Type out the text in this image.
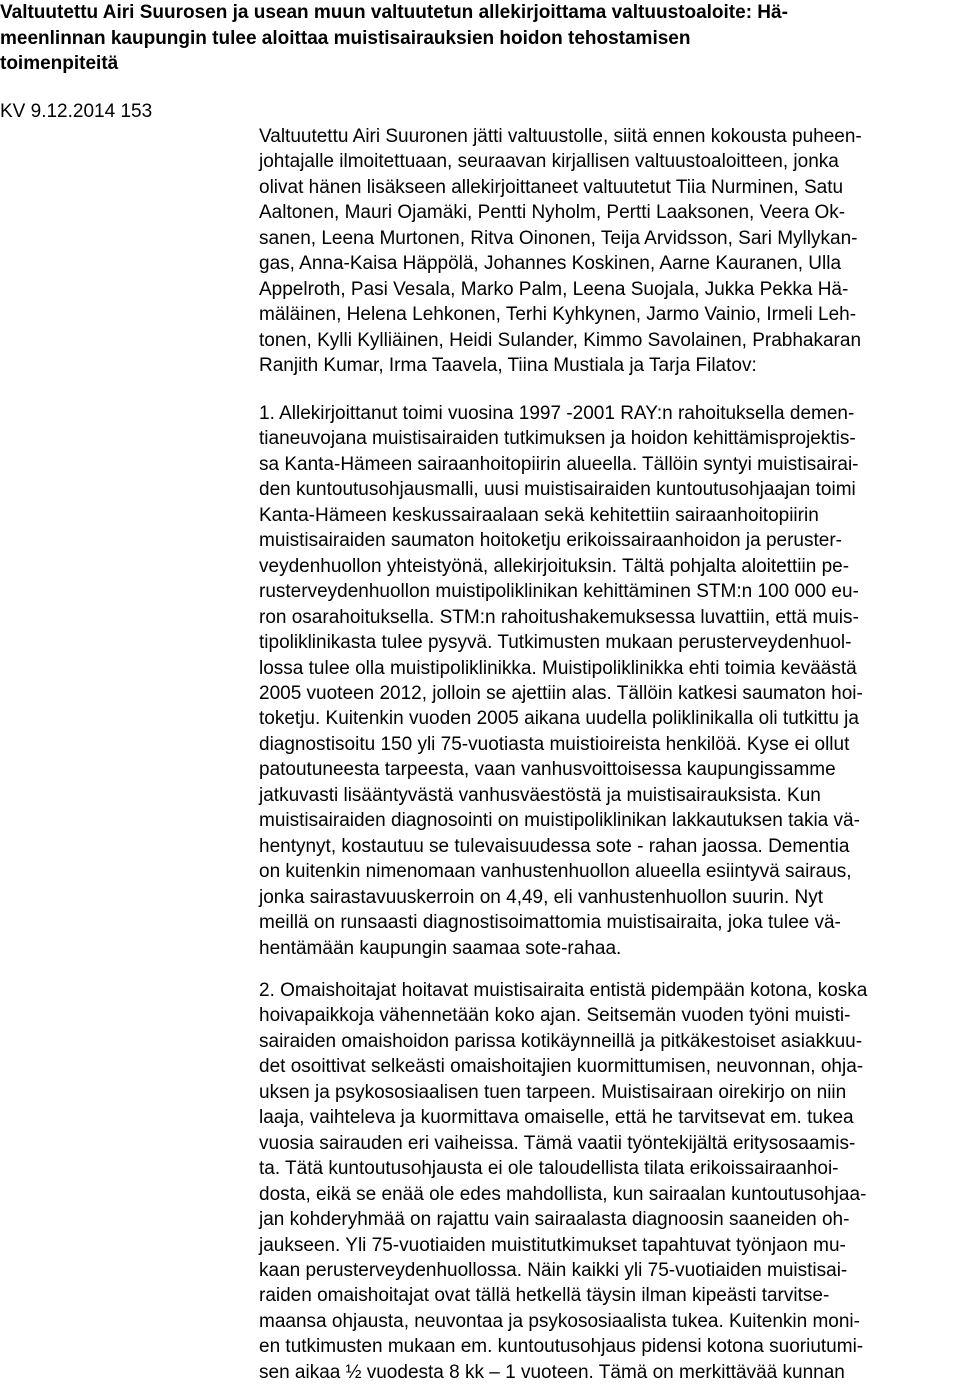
Valtuutettu Airi Suurosen ja usean muun valtuutetun allekirjoittama valtuustoaloite: Hä-
meenlinnan kaupungin tulee aloittaa muistisairauksien hoidon tehostamisen
toimenpiteitä
KV 9.12.2014 153
Valtuutettu Airi Suuronen jätti valtuustolle, siitä ennen kokousta puheen-
johtajalle ilmoitettuaan, seuraavan kirjallisen valtuustoaloitteen, jonka
olivat hänen lisäkseen allekirjoittaneet valtuutetut Tiia Nurminen, Satu
Aaltonen, Mauri Ojamäki, Pentti Nyholm, Pertti Laaksonen, Veera Ok-
sanen, Leena Murtonen, Ritva Oinonen, Teija Arvidsson, Sari Myllykan-
gas, Anna-Kaisa Häppölä, Johannes Koskinen, Aarne Kauranen, Ulla
Appelroth, Pasi Vesala, Marko Palm, Leena Suojala, Jukka Pekka Hä-
mäläinen, Helena Lehkonen, Terhi Kyhkynen, Jarmo Vainio, Irmeli Leh-
tonen, Kylli Kylliäinen, Heidi Sulander, Kimmo Savolainen, Prabhakaran
Ranjith Kumar, Irma Taavela, Tiina Mustiala ja Tarja Filatov:
1. Allekirjoittanut toimi vuosina 1997 -2001 RAY:n rahoituksella demen-
tianeuvojana muistisairaiden tutkimuksen ja hoidon kehittämisprojektis-
sa Kanta-Hämeen sairaanhoitopiirin alueella. Tällöin syntyi muistisairai-
den kuntoutusohjausmalli, uusi muistisairaiden kuntoutusohjaajan toimi
Kanta-Hämeen keskussairaalaan sekä kehitettiin sairaanhoitopiirin
muistisairaiden saumaton hoitoketju erikoissairaanhoidon ja peruster-
veydenhuollon yhteistyönä, allekirjoituksin. Tältä pohjalta aloitettiin pe-
rusterveydenhuollon muistipoliklinikan kehittäminen STM:n 100 000 eu-
ron osarahoituksella. STM:n rahoitushakemuksessa luvattiin, että muis-
tipoliklinikasta tulee pysyvä. Tutkimusten mukaan perusterveydenhuol-
lossa tulee olla muistipoliklinikka. Muistipoliklinikka ehti toimia keväästä
2005 vuoteen 2012, jolloin se ajettiin alas. Tällöin katkesi saumaton hoi-
toketju. Kuitenkin vuoden 2005 aikana uudella poliklinikalla oli tutkittu ja
diagnostisoitu 150 yli 75-vuotiasta muistioireista henkilöä. Kyse ei ollut
patoutuneesta tarpeesta, vaan vanhusvoittoisessa kaupungissamme
jatkuvasti lisääntyvästä vanhusväestöstä ja muistisairauksista. Kun
muistisairaiden diagnosointi on muistipoliklinikan lakkautuksen takia vä-
hentynyt, kostautuu se tulevaisuudessa sote - rahan jaossa. Dementia
on kuitenkin nimenomaan vanhustenhuollon alueella esiintyvä sairaus,
jonka sairastavuuskerroin on 4,49, eli vanhustenhuollon suurin. Nyt
meillä on runsaasti diagnostisoimattomia muistisairaita, joka tulee vä-
hentämään kaupungin saamaa sote-rahaa.
2. Omaishoitajat hoitavat muistisairaita entistä pidempään kotona, koska
hoivapaikkoja vähennetään koko ajan. Seitsemän vuoden työni muisti-
sairaiden omaishoidon parissa kotikäynneillä ja pitkäkestoiset asiakkuu-
det osoittivat selkeästi omaishoitajien kuormittumisen, neuvonnan, ohja-
uksen ja psykososiaalisen tuen tarpeen. Muistisairaan oirekirjo on niin
laaja, vaihteleva ja kuormittava omaiselle, että he tarvitsevat em. tukea
vuosia sairauden eri vaiheissa. Tämä vaatii työntekijältä eritysosaamis-
ta. Tätä kuntoutusohjausta ei ole taloudellista tilata erikoissairaanhoi-
dosta, eikä se enää ole edes mahdollista, kun sairaalan kuntoutusohjaa-
jan kohderyhmää on rajattu vain sairaalasta diagnoosin saaneiden oh-
jaukseen. Yli 75-vuotiaiden muistitutkimukset tapahtuvat työnjaon mu-
kaan perusterveydenhuollossa. Näin kaikki yli 75-vuotiaiden muistisai-
raiden omaishoitajat ovat tällä hetkellä täysin ilman kipeästi tarvitse-
maansa ohjausta, neuvontaa ja psykososiaalista tukea. Kuitenkin moni-
en tutkimusten mukaan em. kuntoutusohjaus pidensi kotona suoriutumi-
sen aikaa ½ vuodesta 8 kk – 1 vuoteen. Tämä on merkittävää kunnan
